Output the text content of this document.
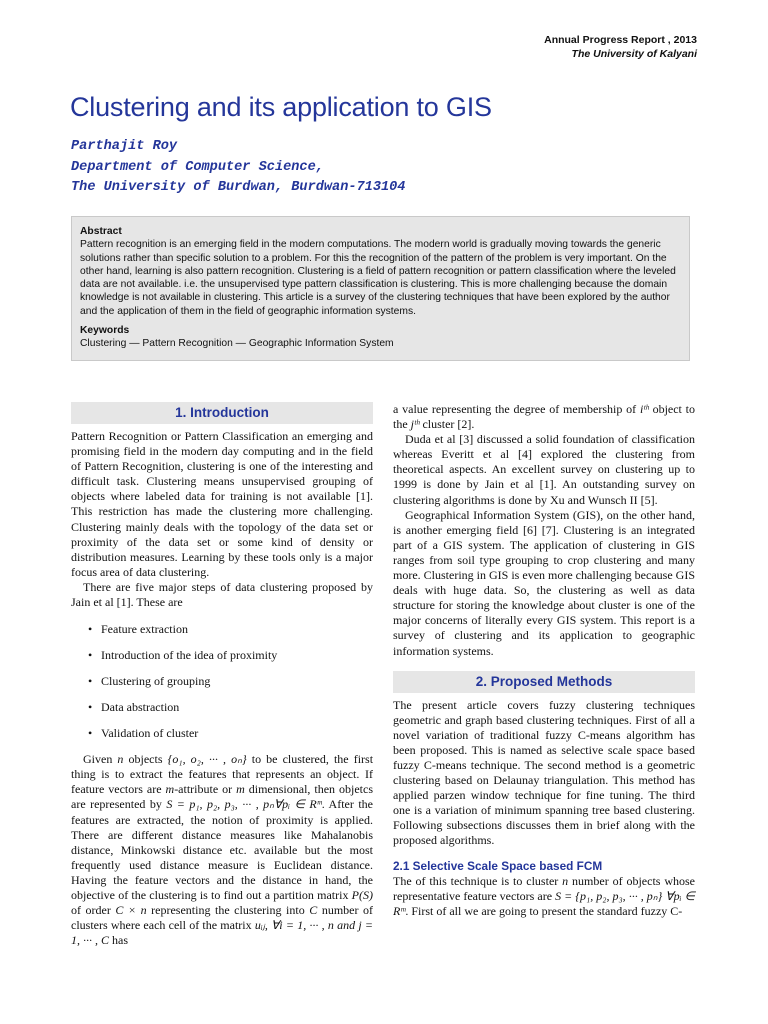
Annual Progress Report , 2013
The University of Kalyani
Clustering and its application to GIS
Parthajit Roy
Department of Computer Science,
The University of Burdwan, Burdwan-713104
Abstract
Pattern recognition is an emerging field in the modern computations. The modern world is gradually moving towards the generic solutions rather than specific solution to a problem. For this the recognition of the pattern of the problem is very important. On the other hand, learning is also pattern recognition. Clustering is a field of pattern recognition or pattern classification where the leveled data are not available. i.e. the unsupervised type pattern classification is clustering. This is more challenging because the domain knowledge is not available in clustering. This article is a survey of the clustering techniques that have been explored by the author and the application of them in the field of geographic information systems.
Keywords
Clustering — Pattern Recognition — Geographic Information System
1. Introduction

Pattern Recognition or Pattern Classification an emerging and promising field in the modern day computing and in the field of Pattern Recognition, clustering is one of the interesting and difficult task. Clustering means unsupervised grouping of objects where labeled data for training is not available [1]. This restriction has made the clustering more challenging. Clustering mainly deals with the topology of the data set or proximity of the data set or some kind of density or distribution measures. Learning by these tools only is a major focus area of data clustering.

There are five major steps of data clustering proposed by Jain et al [1]. These are

• Feature extraction
• Introduction of the idea of proximity
• Clustering of grouping
• Data abstraction
• Validation of cluster

Given n objects {o₁, o₂, ··· , oₙ} to be clustered, the first thing is to extract the features that represents an object. If feature vectors are m-attribute or m dimensional, then objetcs are represented by S = p₁, p₂, p₃, ··· , pₙ∀pᵢ ∈ Rᵐ. After the features are extracted, the notion of proximity is applied. There are different distance measures like Mahalanobis distance, Minkowski distance etc. available but the most frequently used distance measure is Euclidean distance. Having the feature vectors and the distance in hand, the objective of the clustering is to find out a partition matrix P(S) of order C × n representing the clustering into C number of clusters where each cell of the matrix uᵢⱼ, ∀i = 1, ··· , n and j = 1, ··· , C has

a value representing the degree of membership of iᵗʰ object to the jᵗʰ cluster [2].

Duda et al [3] discussed a solid foundation of classification whereas Everitt et al [4] explored the clustering from theoretical aspects. An excellent survey on clustering up to 1999 is done by Jain et al [1]. An outstanding survey on clustering algorithms is done by Xu and Wunsch II [5].

Geographical Information System (GIS), on the other hand, is another emerging field [6] [7]. Clustering is an integrated part of a GIS system. The application of clustering in GIS ranges from soil type grouping to crop clustering and many more. Clustering in GIS is even more challenging because GIS deals with huge data. So, the clustering as well as data structure for storing the knowledge about cluster is one of the major concerns of literally every GIS system. This report is a survey of clustering and its application to geographic information systems.

2. Proposed Methods

The present article covers fuzzy clustering techniques geometric and graph based clustering techniques. First of all a novel variation of traditional fuzzy C-means algorithm has been proposed. This is named as selective scale space based fuzzy C-means technique. The second method is a geometric clustering based on Delaunay triangulation. This method has applied parzen window technique for fine tuning. The third one is a variation of minimum spanning tree based clustering. Following subsections discusses them in brief along with the proposed algorithms.

2.1 Selective Scale Space based FCM

The of this technique is to cluster n number of objects whose representative feature vectors are S = {p₁, p₂, p₃, ··· , pₙ} ∀pᵢ ∈ Rᵐ. First of all we are going to present the standard fuzzy C-
